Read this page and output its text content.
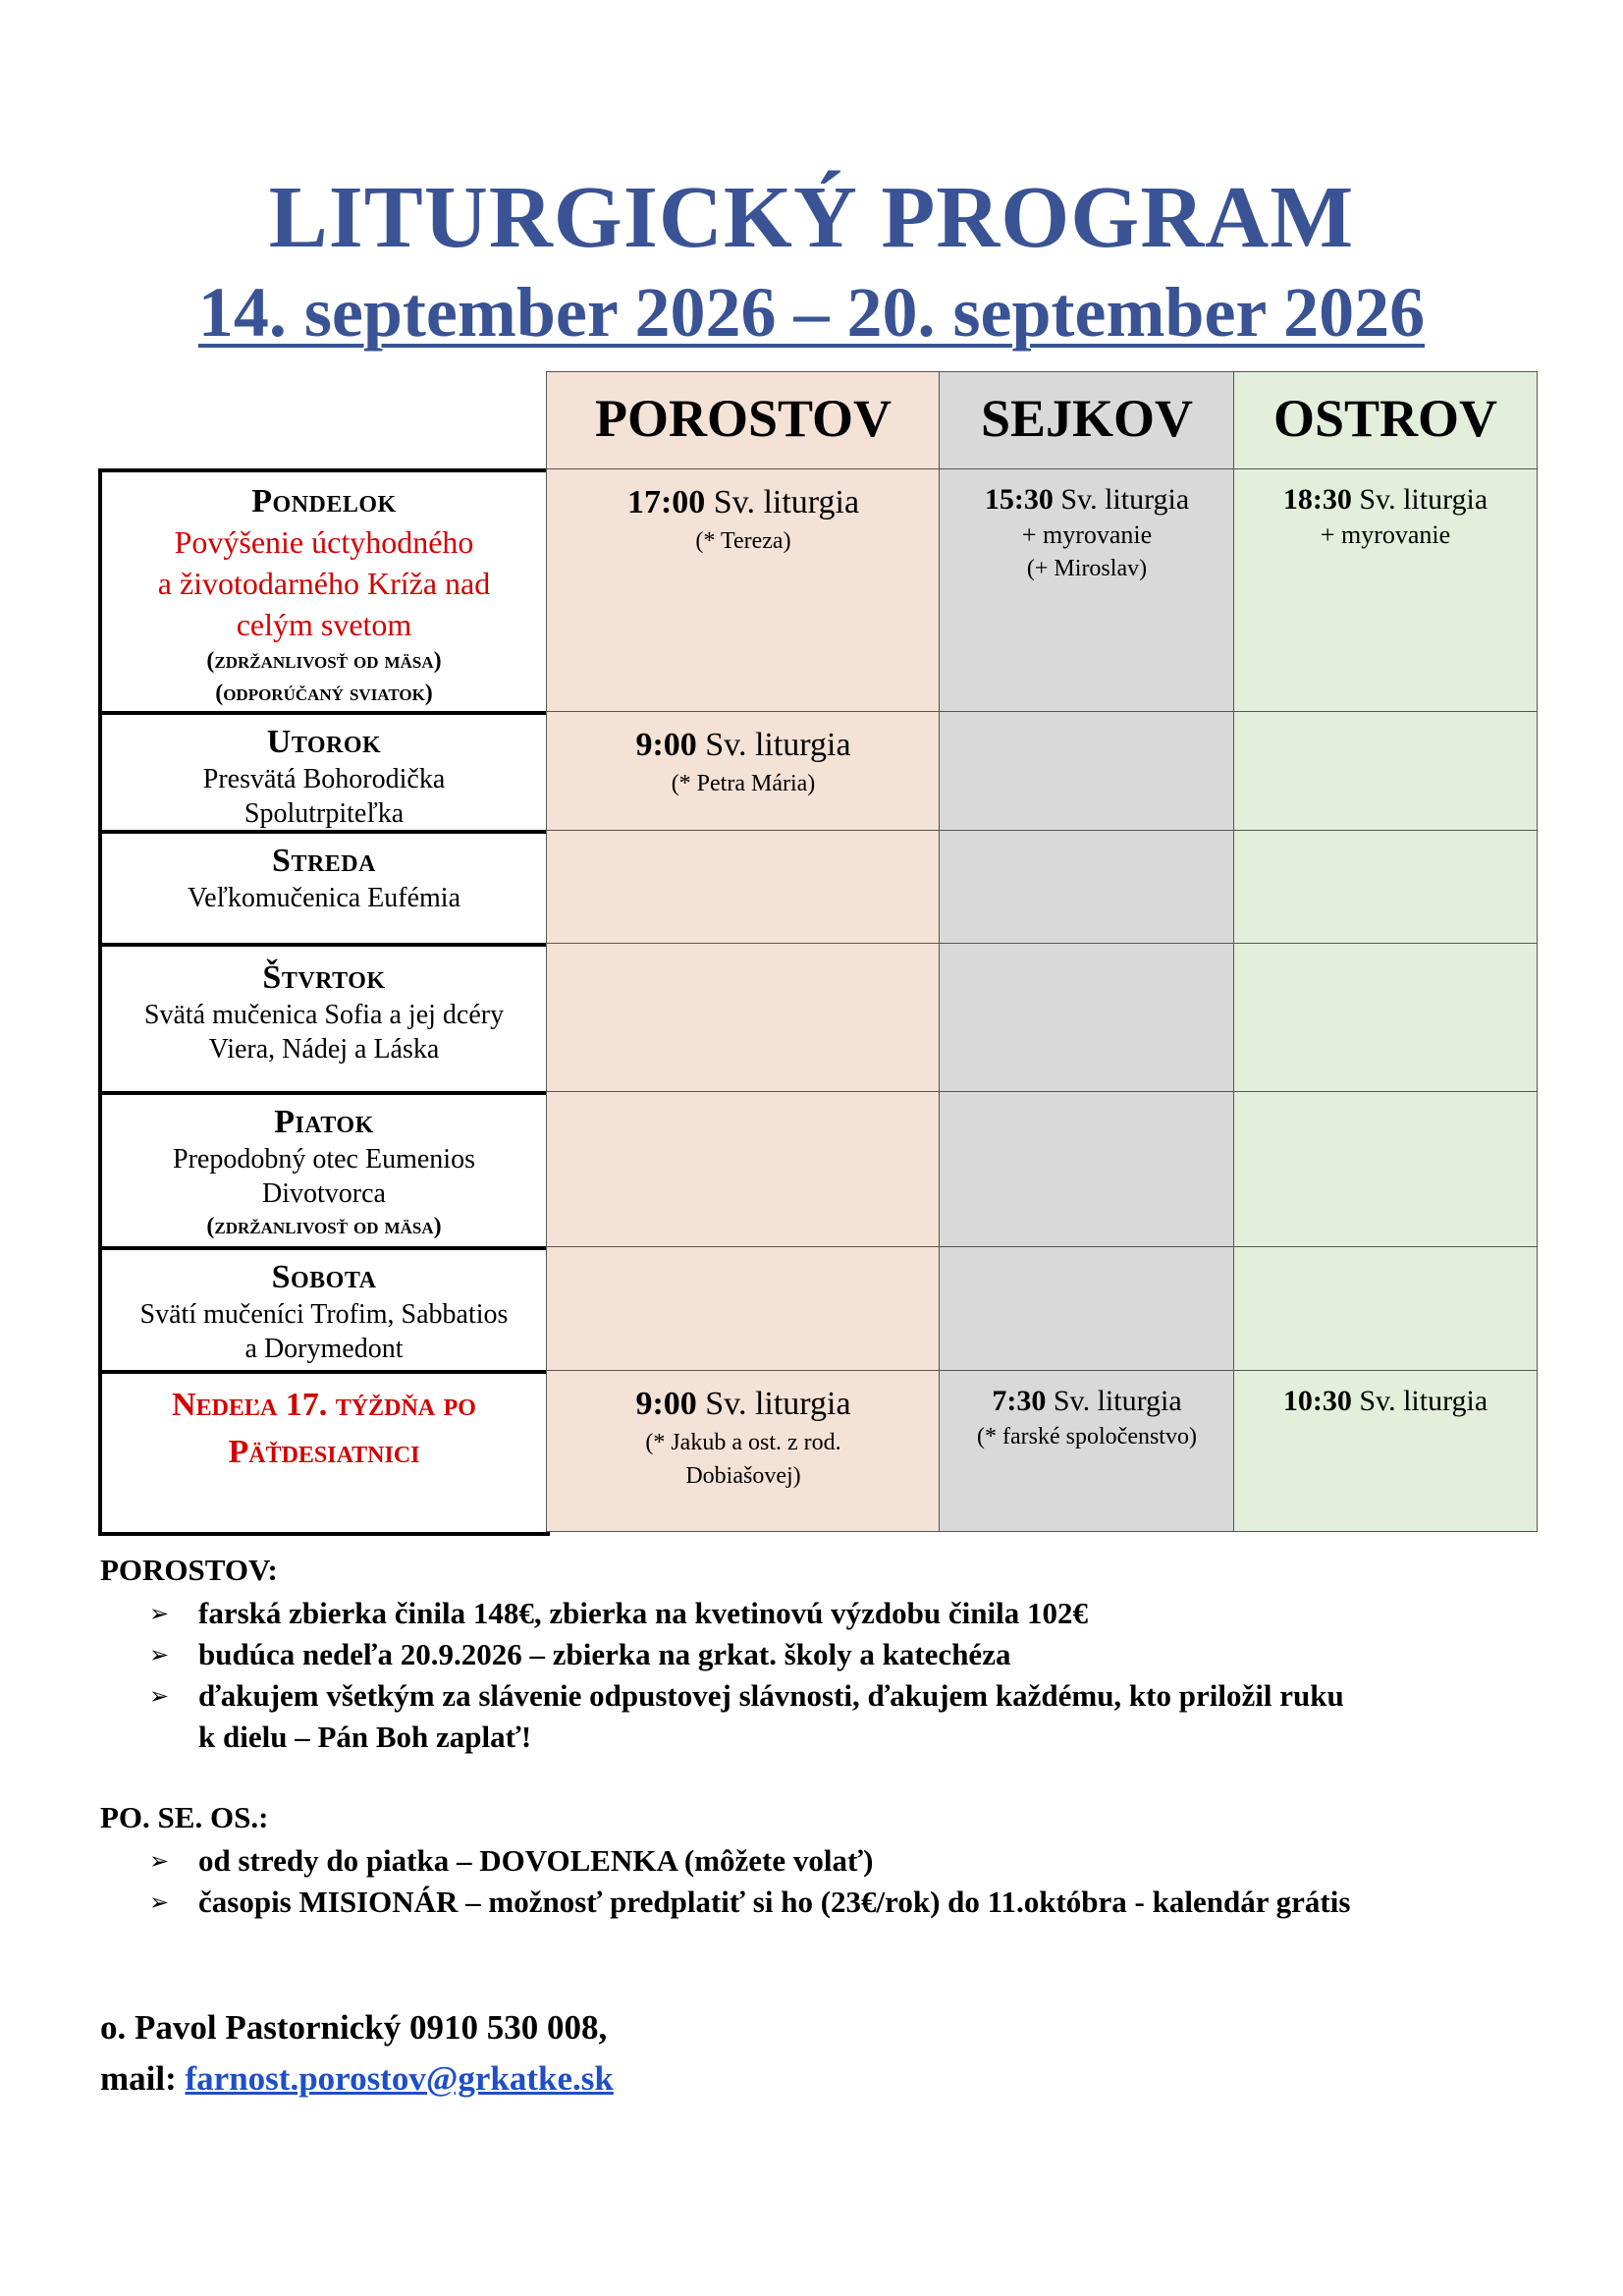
LITURGICKÝ PROGRAM
14. september 2026 – 20. september 2026
POROSTOV	SEJKOV	OSTROV
Pondelok
Povýšenie úctyhodného
a životodarného Kríža nad
celým svetom
(zdržanlivosť od mäsa)
(odporúčaný sviatok)
17:00 Sv. liturgia
(* Tereza)
15:30 Sv. liturgia
+ myrovanie
(+ Miroslav)
18:30 Sv. liturgia
+ myrovanie
Utorok
Presvätá Bohorodička
Spolutrpiteľka
9:00 Sv. liturgia
(* Petra Mária)
Streda
Veľkomučenica Eufémia
Štvrtok
Svätá mučenica Sofia a jej dcéry
Viera, Nádej a Láska
Piatok
Prepodobný otec Eumenios
Divotvorca
(zdržanlivosť od mäsa)
Sobota
Svätí mučeníci Trofim, Sabbatios
a Dorymedont
Nedeľa 17. týždňa po
Päťdesiatnici
9:00 Sv. liturgia
(* Jakub a ost. z rod.
Dobiašovej)
7:30 Sv. liturgia
(* farské spoločenstvo)
10:30 Sv. liturgia
POROSTOV:
➢ farská zbierka činila 148€, zbierka na kvetinovú výzdobu činila 102€
➢ budúca nedeľa 20.9.2026 – zbierka na grkat. školy a katechéza
➢ ďakujem všetkým za slávenie odpustovej slávnosti, ďakujem každému, kto priložil ruku
k dielu – Pán Boh zaplať!
PO. SE. OS.:
➢ od stredy do piatka – DOVOLENKA (môžete volať)
➢ časopis MISIONÁR – možnosť predplatiť si ho (23€/rok) do 11.októbra - kalendár grátis
o. Pavol Pastornický 0910 530 008,
mail: farnost.porostov@grkatke.sk
